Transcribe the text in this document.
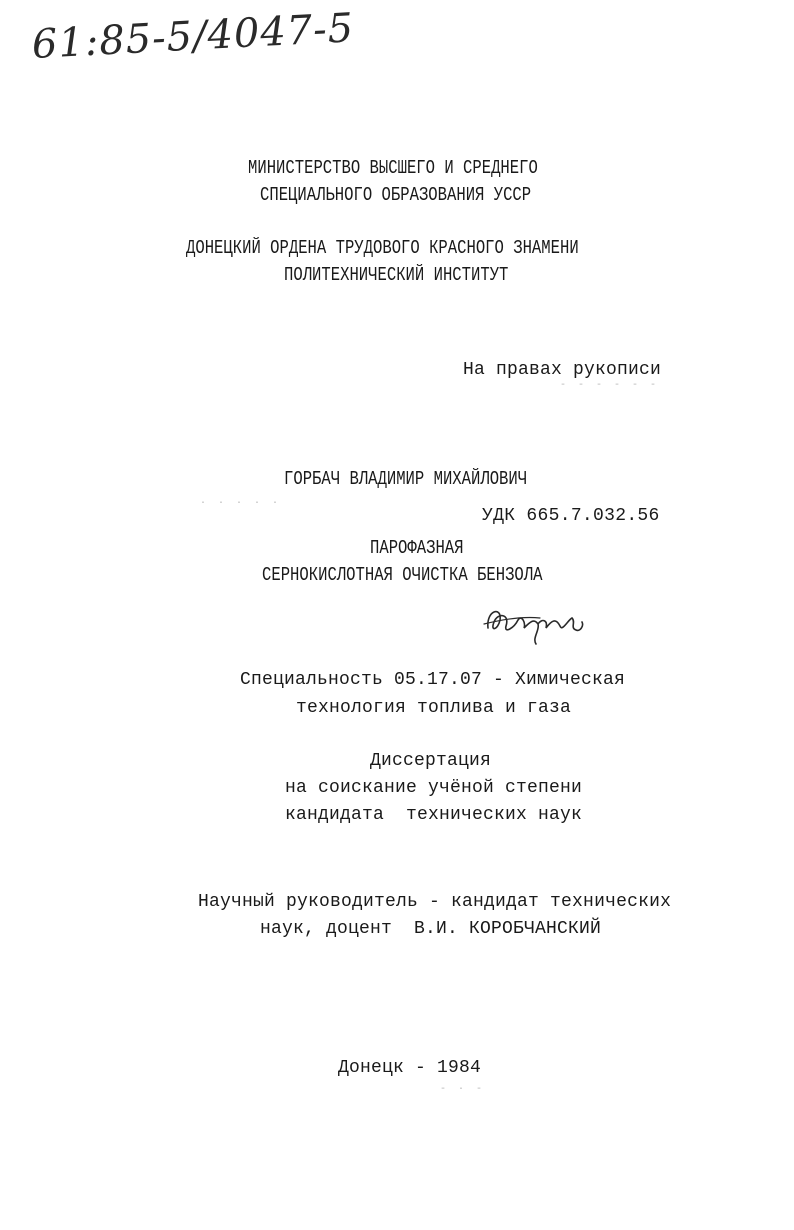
61:85-5/4047-5
МИНИСТЕРСТВО ВЫСШЕГО И СРЕДНЕГО
СПЕЦИАЛЬНОГО ОБРАЗОВАНИЯ УССР
ДОНЕЦКИЙ ОРДЕНА ТРУДОВОГО КРАСНОГО ЗНАМЕНИ
ПОЛИТЕХНИЧЕСКИЙ ИНСТИТУТ
На правах рукописи
- - - - - -
ГОРБАЧ ВЛАДИМИР МИХАЙЛОВИЧ
· · · · ·
УДК 665.7.032.56
ПАРОФАЗНАЯ
СЕРНОКИСЛОТНАЯ ОЧИСТКА БЕНЗОЛА
Специальность 05.17.07 - Химическая
технология топлива и газа
Диссертация
на соискание учёной степени
кандидата  технических наук
Научный руководитель - кандидат технических
наук, доцент  В.И. КОРОБЧАНСКИЙ
Донецк - 1984
- · -
